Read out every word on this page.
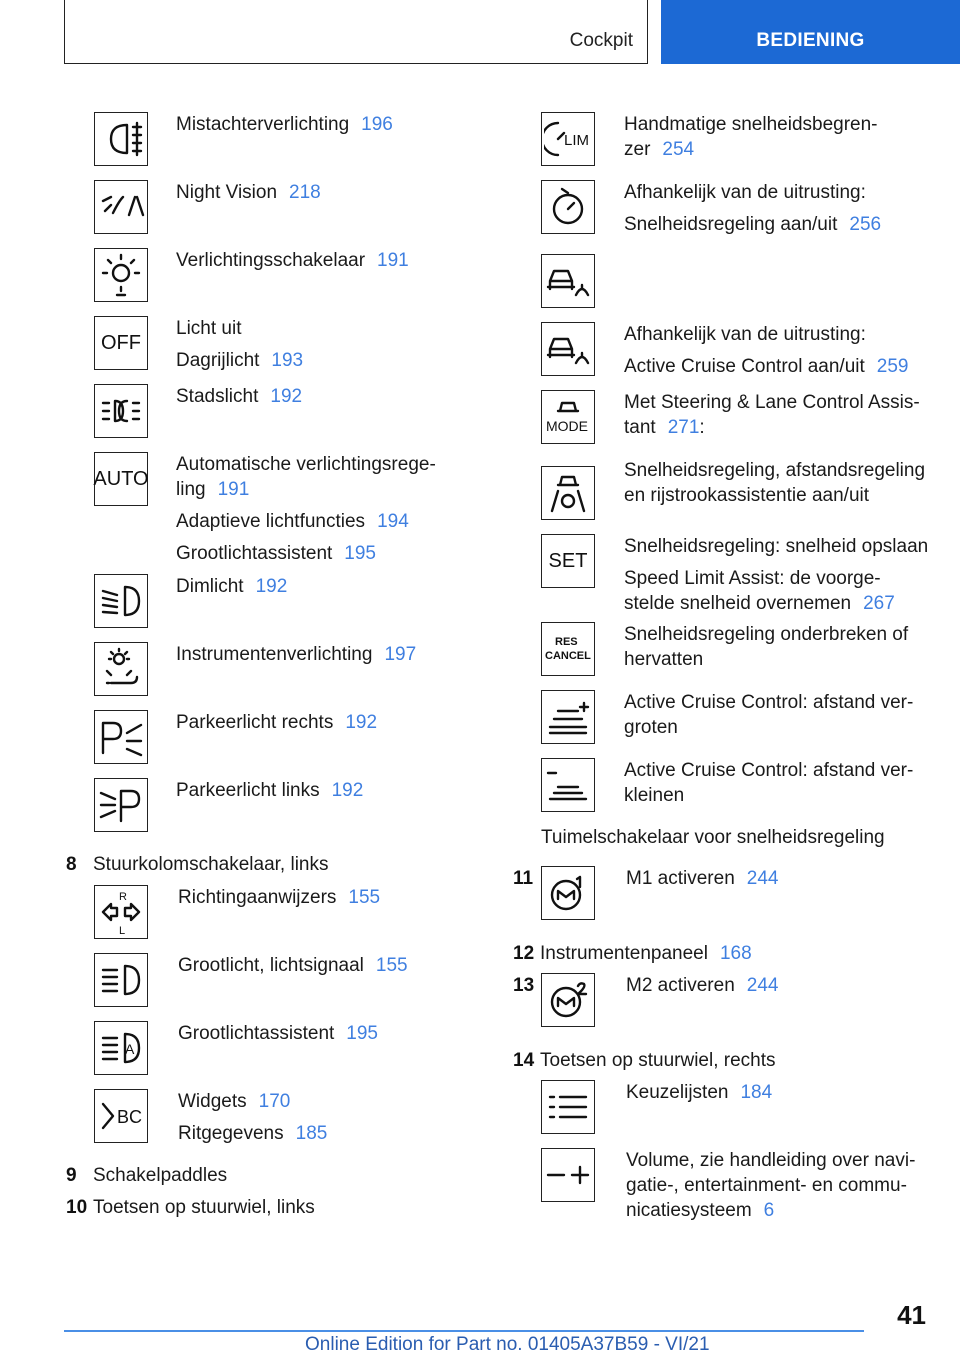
Cockpit	BEDIENING
Mistachterverlichting 196
Night Vision 218
Verlichtingsschakelaar 191
OFF
Licht uit
Dagrijlicht 193
Stadslicht 192
AUTO
Automatische verlichtingsrege-
ling 191
Adaptieve lichtfuncties 194
Grootlichtassistent 195
Dimlicht 192
Instrumentenverlichting 197
Parkeerlicht rechts 192
Parkeerlicht links 192
8 Stuurkolomschakelaar, links
R
L
Richtingaanwijzers 155
Grootlicht, lichtsignaal 155
A
Grootlichtassistent 195
BC
Widgets 170
Ritgegevens 185
9 Schakelpaddles
10 Toetsen op stuurwiel, links
LIM
Handmatige snelheidsbegren-
zer 254
Afhankelijk van de uitrusting:
Snelheidsregeling aan/uit 256
Afhankelijk van de uitrusting:
Active Cruise Control aan/uit 259
MODE
Met Steering & Lane Control Assis-
tant 271:
Snelheidsregeling, afstandsregeling
en rijstrookassistentie aan/uit
SET
Snelheidsregeling: snelheid opslaan
Speed Limit Assist: de voorge-
stelde snelheid overnemen 267
RES
CANCEL
Snelheidsregeling onderbreken of
hervatten
Active Cruise Control: afstand ver-
groten
Active Cruise Control: afstand ver-
kleinen
Tuimelschakelaar voor snelheidsregeling
11	M1 activeren 244
12 Instrumentenpaneel 168
13	M2 activeren 244
14 Toetsen op stuurwiel, rechts
Keuzelijsten 184
Volume, zie handleiding over navi-
gatie-, entertainment- en commu-
nicatiesysteem 6
41
Online Edition for Part no. 01405A37B59 - VI/21
